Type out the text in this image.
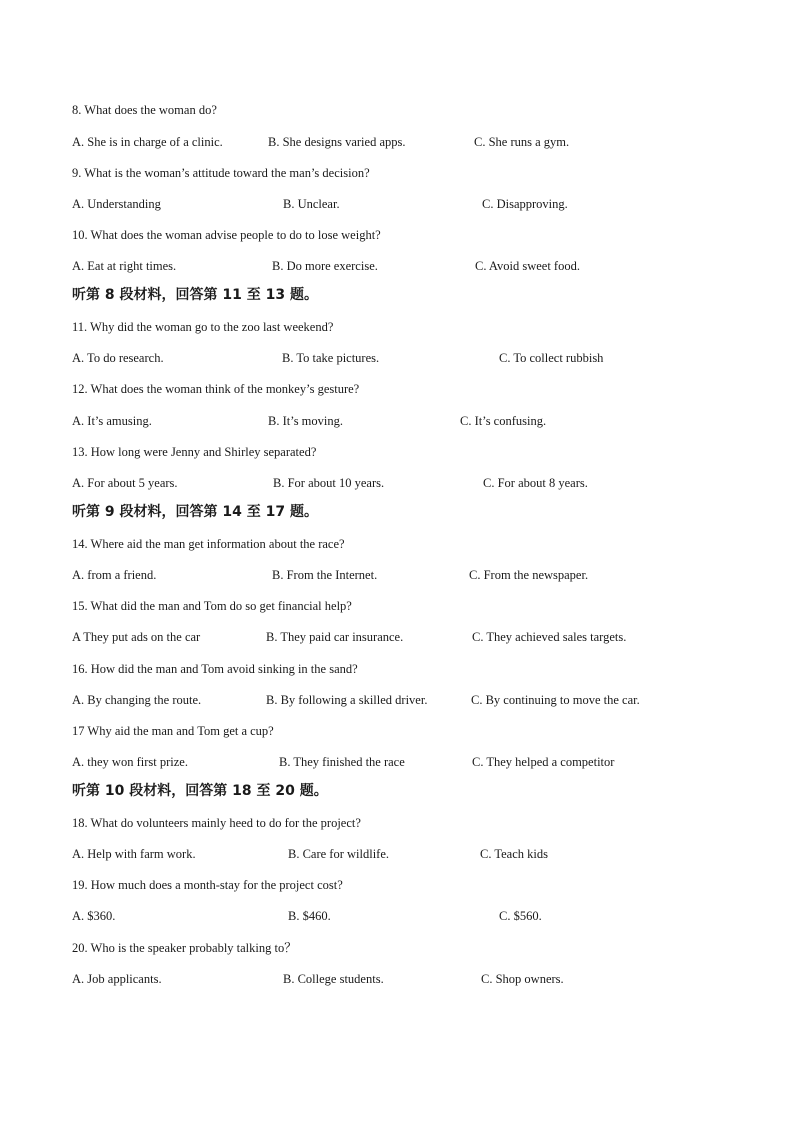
8. What does the woman do?
A. She is in charge of a clinic.	B. She designs varied apps.	C. She runs a gym.
9. What is the woman’s attitude toward the man’s decision?
A. Understanding	B. Unclear.	C. Disapproving.
10. What does the woman advise people to do to lose weight?
A. Eat at right times.	B. Do more exercise.	C. Avoid sweet food.
听第 8 段材料，回答第 11 至 13 题。
11. Why did the woman go to the zoo last weekend?
A. To do research.	B. To take pictures.	C. To collect rubbish
12. What does the woman think of the monkey’s gesture?
A. It’s amusing.	B. It’s moving.	C. It’s confusing.
13. How long were Jenny and Shirley separated?
A. For about 5 years.	B. For about 10 years.	C. For about 8 years.
听第 9 段材料，回答第 14 至 17 题。
14. Where aid the man get information about the race?
A. from a friend.	B. From the Internet.	C. From the newspaper.
15. What did the man and Tom do so get financial help?
A They put ads on the car	B. They paid car insurance.	C. They achieved sales targets.
16. How did the man and Tom avoid sinking in the sand?
A. By changing the route.	B. By following a skilled driver.	C. By continuing to move the car.
17 Why aid the man and Tom get a cup?
A. they won first prize.	B. They finished the race	C. They helped a competitor
听第 10 段材料，回答第 18 至 20 题。
18. What do volunteers mainly heed to do for the project?
A. Help with farm work.	B. Care for wildlife.	C. Teach kids
19. How much does a month-stay for the project cost?
A. $360.	B. $460.	C. $560.
20. Who is the speaker probably talking to？
A. Job applicants.	B. College students.	C. Shop owners.
